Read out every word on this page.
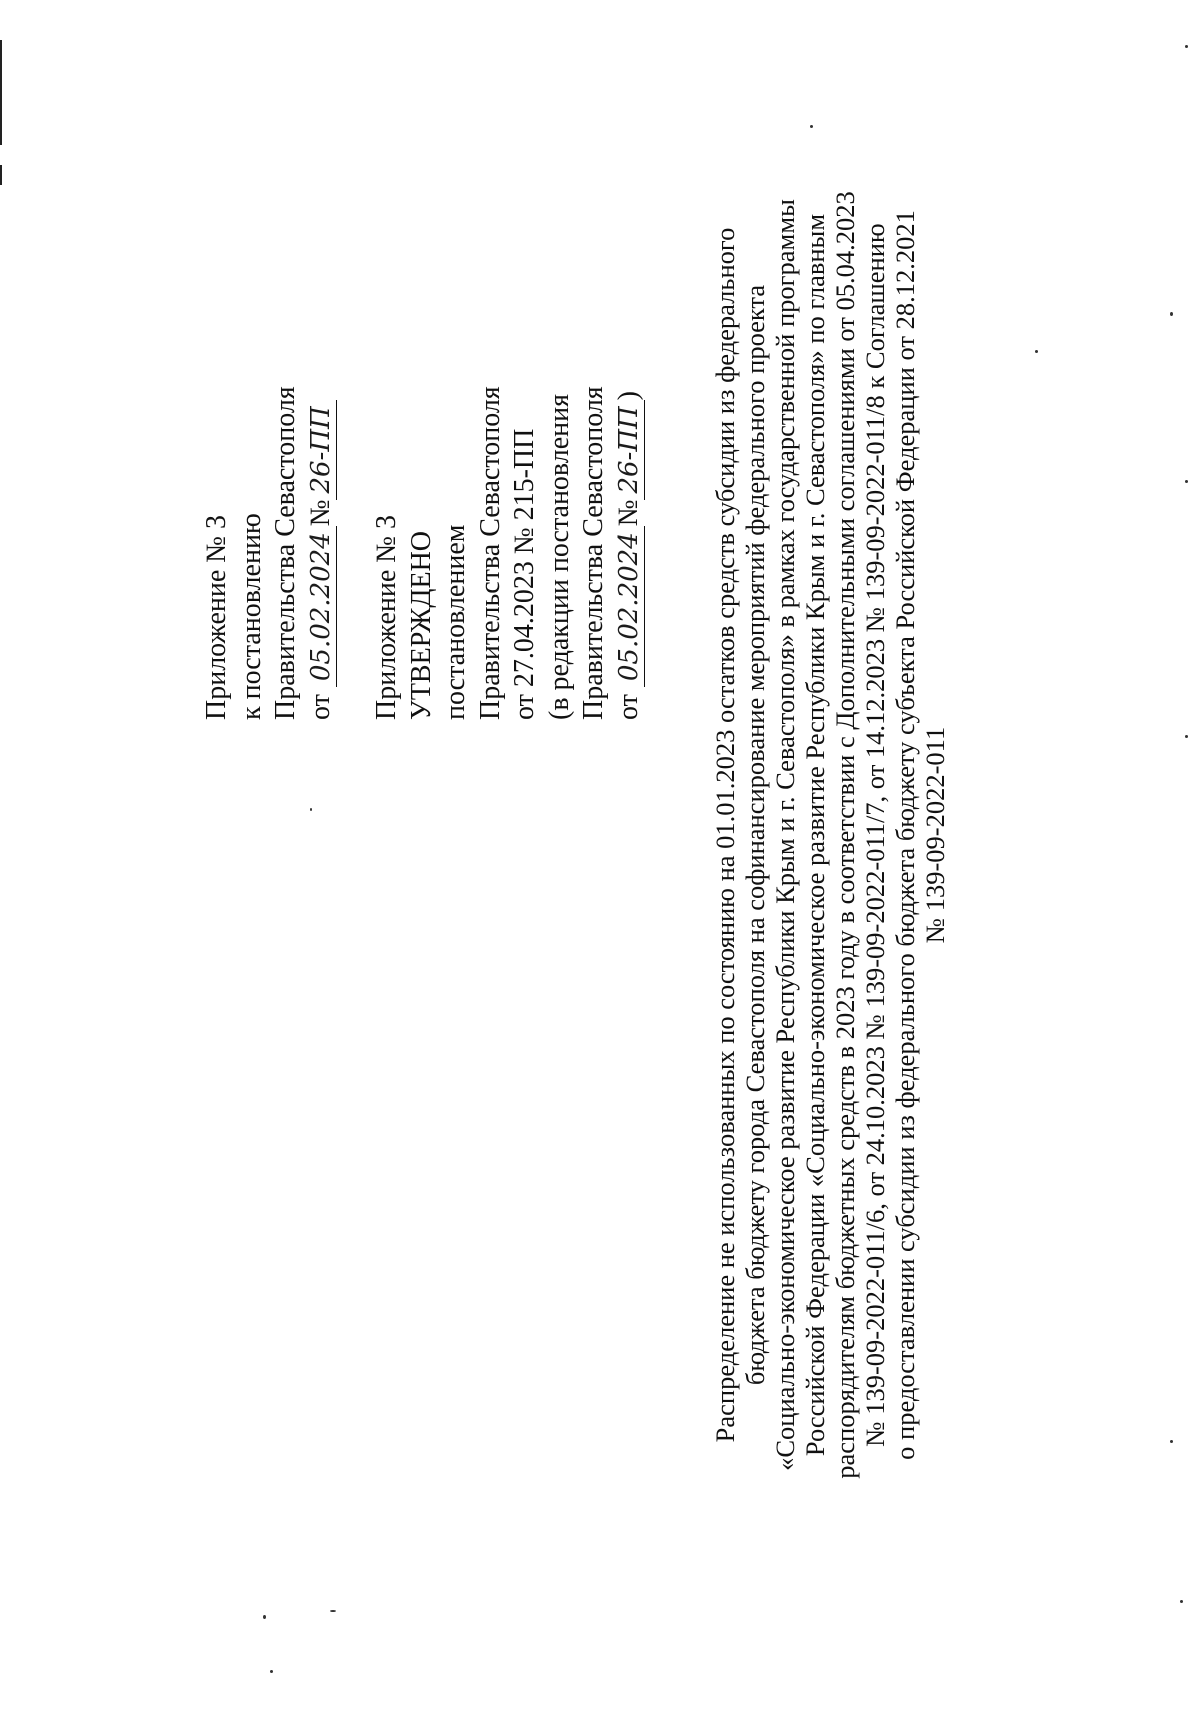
Приложение № 3 к постановлению Правительства Севастополя от 05.02.2024№26-ПП
Приложение № 3 УТВЕРЖДЕНО постановлением Правительства Севастополя от 27.04.2023 № 215-ПП (в редакции постановления Правительства Севастополя от 05.02.2024№26-ПП)	Распределение не использованных по состоянию на 01.01.2023 остатков средств субсидии из федерального бюджета бюджету города Севастополя на софинансирование мероприятий федерального проекта «Социально-экономическое развитие Республики Крым и г. Севастополя» в рамках государственной программы Российской Федерации «Социально-экономическое развитие Республики Крым и г. Севастополя» по главным распорядителям бюджетных средств в 2023 году в соответствии с Дополнительными соглашениями от 05.04.2023 № 139-09-2022-011/6, от 24.10.2023 № 139-09-2022-011/7, от 14.12.2023 № 139-09-2022-011/8 к Соглашению о предоставлении субсидии из федерального бюджета бюджету субъекта Российской Федерации от 28.12.2021 № 139-09-2022-011
